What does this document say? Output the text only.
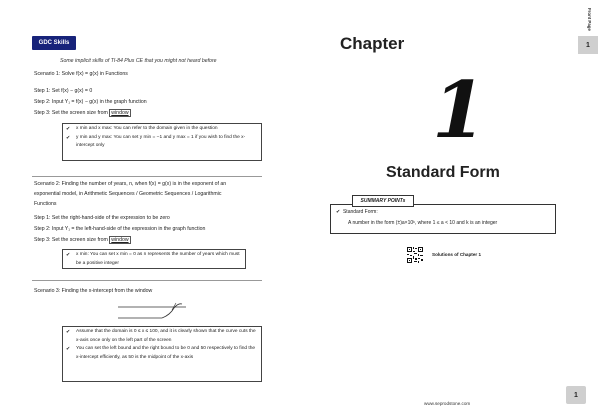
GDC Skills
Some implicit skills of TI-84 Plus CE that you might not heard before
Scenario 1: Solve f(x) = g(x) in Functions
Step 1: Set f(x) − g(x) = 0
Step 2: Input Y₁ = f(x) − g(x) in the graph function
Step 3: Set the screen size from window
✔	x min and x max: You can refer to the domain given in the question
✔	y min and y max: You can set y min = −1 and y max = 1 if you wish to find the x-intercept only
Scenario 2: Finding the number of years, n, when f(x) = g(x) is in the exponent of an
exponential model, in Arithmetic Sequences / Geometric Sequences / Logarithmic
Functions
Step 1: Set the right-hand-side of the expression to be zero
Step 2: Input Y₁ = the left-hand-side of the expression in the graph function
Step 3: Set the screen size from window
✔	x min: You can set x min = 0 as n represents the number of years which must be a positive integer
Scenario 3: Finding the x-intercept from the window
✔	Assume that the domain is 0 ≤ x ≤ 100, and it is clearly shown that the curve cuts the x-axis once only on the left part of the screen
✔	You can set the left bound and the right bound to be 0 and 50 respectively to find the x-intercept efficiently, as 50 is the midpoint of the x-axis
Chapter
1
Standard Form
SUMMARY POINTs
✔  Standard Form:
A number in the form (±)a×10ᵏ, where 1 ≤ a < 10 and k is an integer
Solutions of Chapter 1
Front Page
1
1
www.seprodstone.com
